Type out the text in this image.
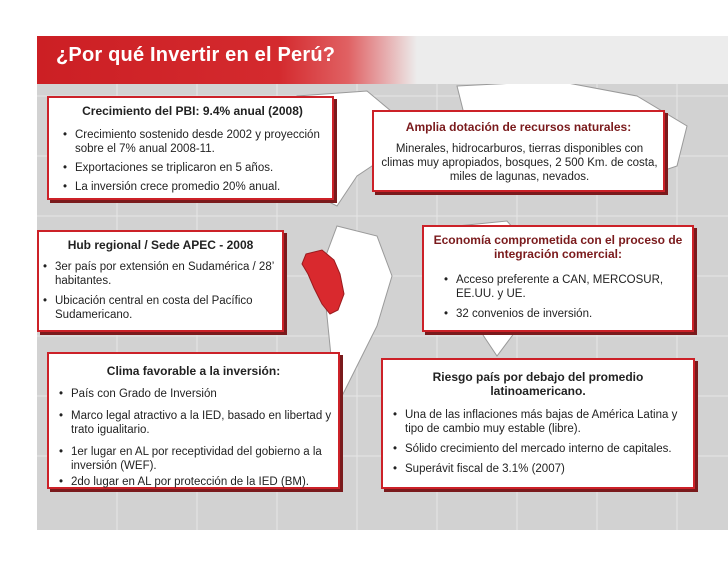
¿Por qué Invertir en el Perú?
Crecimiento del PBI: 9.4% anual (2008)
• Crecimiento sostenido desde 2002 y proyección sobre el 7% anual 2008-11.
• Exportaciones se triplicaron en 5 años.
• La inversión crece promedio 20% anual.
Amplia dotación de recursos naturales:
Minerales, hidrocarburos, tierras disponibles con climas muy apropiados, bosques, 2 500 Km. de costa, miles de lagunas, nevados.
Hub regional / Sede APEC - 2008
• 3er país por extensión en Sudamérica / 28’ habitantes.
• Ubicación central en costa del Pacífico Sudamericano.
Economía comprometida con el proceso de integración comercial:
• Acceso preferente a CAN, MERCOSUR, EE.UU. y UE.
• 32 convenios de inversión.
Clima favorable a la inversión:
• País con Grado de Inversión
• Marco legal atractivo a la IED, basado en libertad y trato igualitario.
• 1er lugar en AL por receptividad del gobierno a la inversión (WEF).
• 2do lugar en AL por protección de la IED (BM).
Riesgo país por debajo del promedio latinoamericano.
• Una de las inflaciones más bajas de América Latina y tipo de cambio muy estable (libre).
• Sólido crecimiento del mercado interno de capitales.
• Superávit fiscal de 3.1% (2007)
